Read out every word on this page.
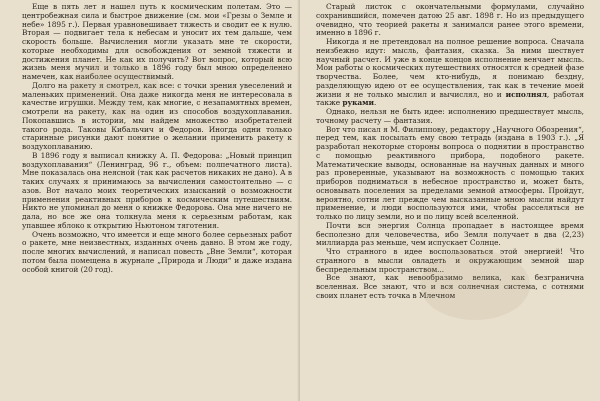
Еще в пять лет я нашел путь к космическим полетам. Это — центробежная сила и быстрое движение (см. мои «Грезы о Земле и небе» 1895 г.). Первая уравновешивает тяжесть и сводит ее к нулю. Вторая — подвигает тела к небесам и уносит их тем дальше, чем скорость больше. Вычисления могли указать мне те скорости, которые необходимы для освобождения от земной тяжести и достижения планет. Не как их получить? Вот вопрос, который всю жизнь меня мучил и только в 1896 году был мною определенно намечен, как наиболее осуществимый.

Долго на ракету я смотрел, как все: с точки зрения увеселений и маленьких применений. Она даже никогда меня не интересовала в качестве игрушки. Между тем, как многие, с незапамятных времен, смотрели на ракету, как на один из способов воздухоплавания. Покопавшись в истории, мы найдем множество изобретателей такого рода. Таковы Кибальчич и Федоров. Иногда одни только старинные рисунки дают понятие о желании применить ракету к воздухоплаванию.

В 1896 году я выписал книжку А. П. Федорова: „Новый принцип воздухоплавания“ (Ленинград, 96 г., объем: полпечатного листа). Мне показалась она неясной (так как расчетов никаких не дано). А в таких случаях я принимаюсь за вычисления самостоятельно — с азов. Вот начало моих теоретических изысканий о возможности применения реактивных приборов к космическим путешествиям. Никто не упоминал до меня о книжке Федорова. Она мне ничего не дала, но все же она толкнула меня к серьезным работам, как упавшее яблоко к открытию Ньютоном тяготения.

Очень возможно, что имеется и еще много более серьезных работ о ракете, мне неизвестных, изданных очень давно. В этом же году, после многих вычислений, я написал повесть „Вне Земли“, которая потом была помещена в журнале „Природа и Люди“ и даже издана особой книгой (20 год).

Старый листок с окончательными формулами, случайно сохранившийся, помечен датою 25 авг. 1898 г. Но из предыдущего очевидно, что теорией ракеты я занимался ранее этого времени, именно в 1896 г.

Никогда я не претендовал на полное решение вопроса. Сначала неизбежно идут: мысль, фантазия, сказка. За ними шествует научный расчет. И уже в конце концов исполнение венчает мысль. Мои работы о космических путешествиях относятся к средней фазе творчества. Более, чем кто-нибудь, я понимаю бездну, разделяющую идею от ее осуществления, так как в течение моей жизни я не только мыслил и вычислял, но и исполнял, работая также руками.

Однако, нельзя не быть идее: исполнению предшествует мысль, точному расчету — фантазия.

Вот что писал я М. Филиппову, редактору „Научного Обозрения“, перед тем, как посылать ему свою тетрадь (издана в 1903 г.). „Я разработал некоторые стороны вопроса о поднятии в пространство с помощью реактивного прибора, подобного ракете. Математические выводы, основанные на научных данных и много раз проверенные, указывают на возможность с помощью таких приборов подниматься в небесное пространство и, может быть, основывать поселения за пределами земной атмосферы. Пройдут, вероятно, сотни лет прежде чем высказанные мною мысли найдут применение, и люди воспользуются ими, чтобы расселяться не только по лицу земли, но и по лицу всей вселенной.

Почти вся энергия Солнца пропадает в настоящее время бесполезно для человечества, ибо Земля получает в два (2,23) миллиарда раз меньше, чем испускает Солнце.

Что странного в идее воспользоваться этой энергией! Что странного в мысли овладеть и окружающим земной шар беспредельным пространством...

Все знают, как невообразимо велика, как безгранична вселенная. Все знают, что и вся солнечная система, с сотнями своих планет есть точка в Млечном
